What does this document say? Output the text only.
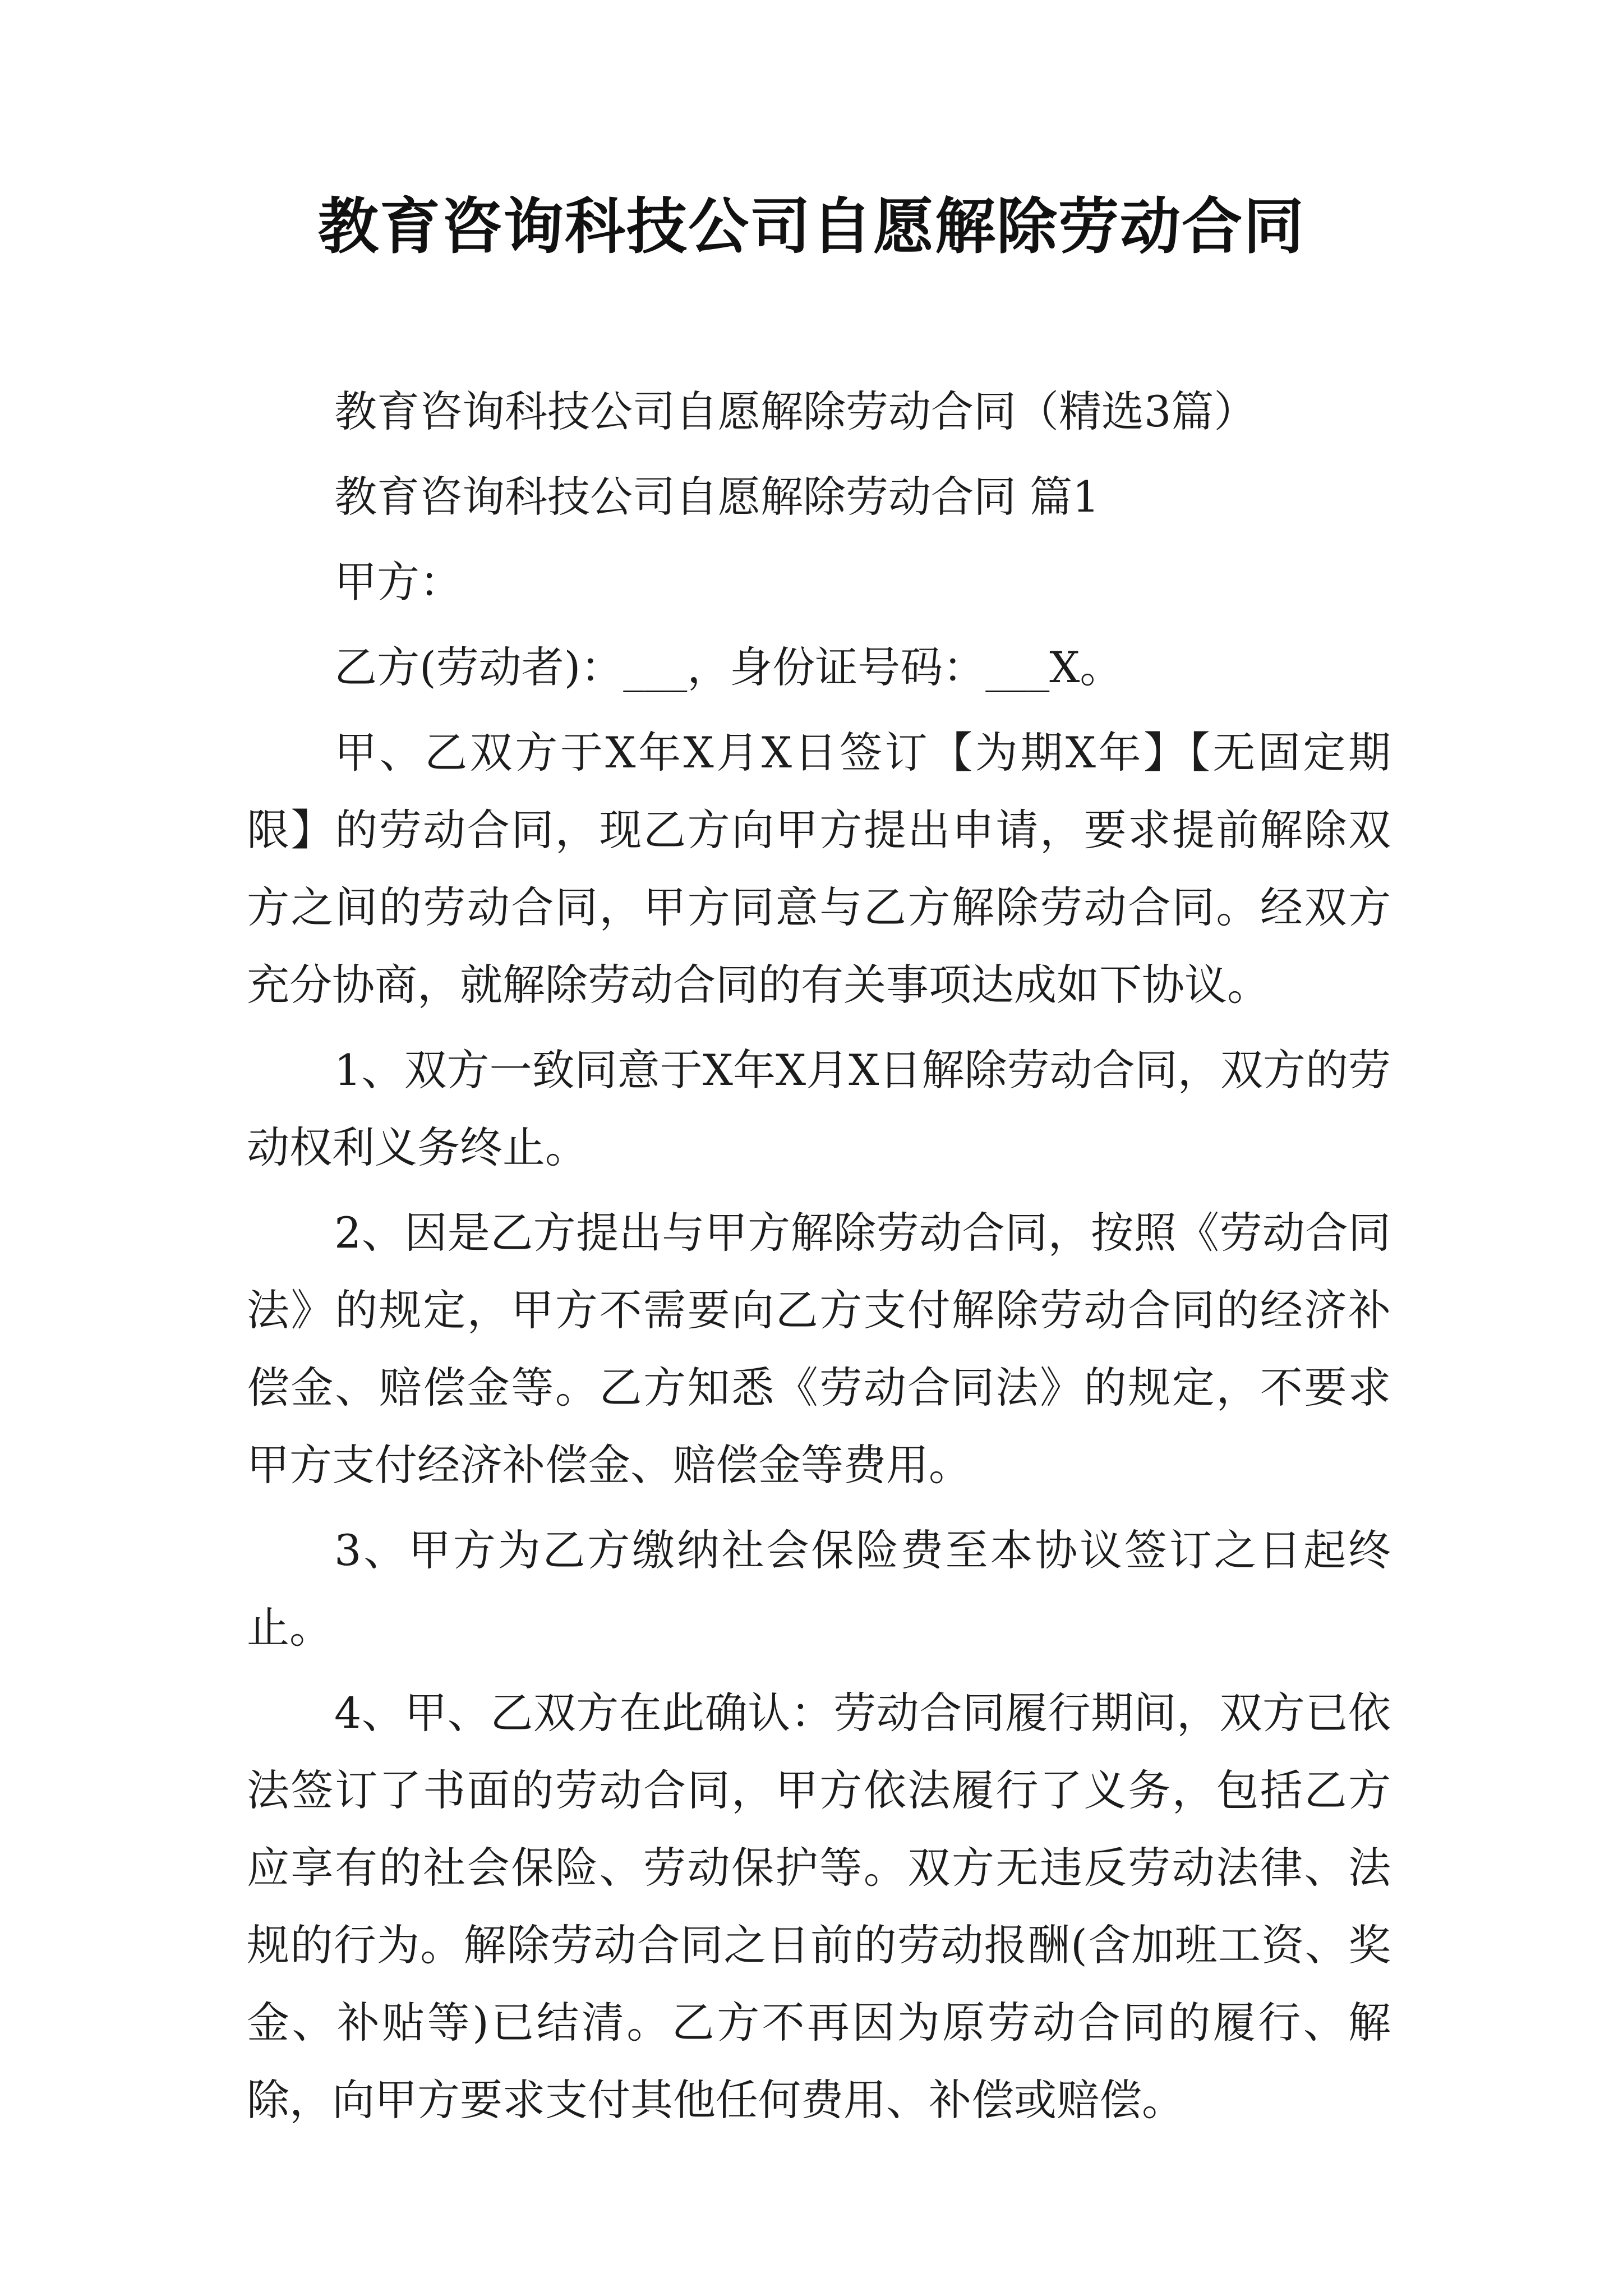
教育咨询科技公司自愿解除劳动合同

教育咨询科技公司自愿解除劳动合同（精选3篇）

教育咨询科技公司自愿解除劳动合同 篇1

甲方：

乙方(劳动者)：___，身份证号码：___X。

甲、乙双方于X年X月X日签订【为期X年】【无固定期限】的劳动合同，现乙方向甲方提出申请，要求提前解除双方之间的劳动合同，甲方同意与乙方解除劳动合同。经双方充分协商，就解除劳动合同的有关事项达成如下协议。

1、双方一致同意于X年X月X日解除劳动合同，双方的劳动权利义务终止。

2、因是乙方提出与甲方解除劳动合同，按照《劳动合同法》的规定，甲方不需要向乙方支付解除劳动合同的经济补偿金、赔偿金等。乙方知悉《劳动合同法》的规定，不要求甲方支付经济补偿金、赔偿金等费用。

3、甲方为乙方缴纳社会保险费至本协议签订之日起终止。

4、甲、乙双方在此确认：劳动合同履行期间，双方已依法签订了书面的劳动合同，甲方依法履行了义务，包括乙方应享有的社会保险、劳动保护等。双方无违反劳动法律、法规的行为。解除劳动合同之日前的劳动报酬(含加班工资、奖金、补贴等)已结清。乙方不再因为原劳动合同的履行、解除，向甲方要求支付其他任何费用、补偿或赔偿。
